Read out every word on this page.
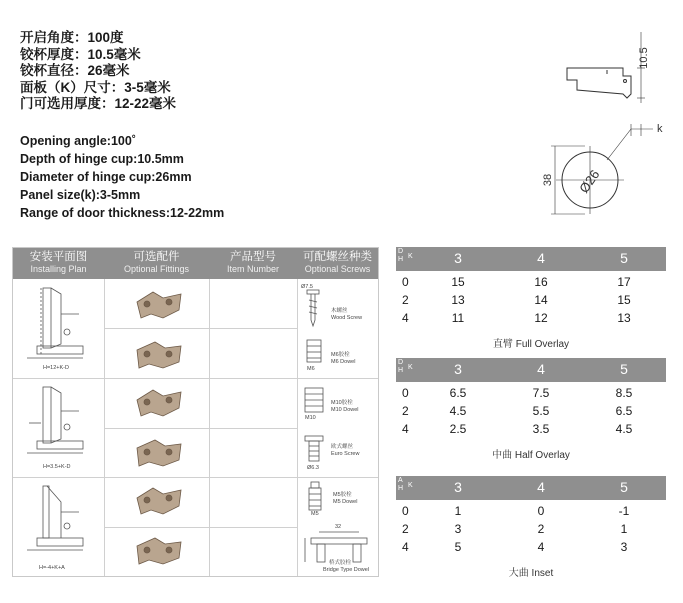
开启角度：100度
铰杯厚度：10.5毫米
铰杯直径：26毫米
面板（K）尺寸：3-5毫米
门可选用厚度：12-22毫米
Opening angle:100˚
Depth of hinge cup:10.5mm
Diameter of hinge cup:26mm
Panel size(k):3-5mm
Range of door thickness:12-22mm
10.5
38 Ø26
k
安装平面图
Installing Plan
可选配件
Optional Fittings
产品型号
Item Number
可配螺丝种类
Optional Screws
H=12+K-D
H=3.5+K-D
H=-4+K+A
Ø7.5
木螺丝
Wood Screw
M6胶栓
M6 Dowel
M6
M10胶栓
M10 Dowel
M10
欧式螺丝
Euro Screw
Ø6.3
M5胶栓
M5 Dowel
M5
32
桥式胶栓
Bridge Type Dowel
D
H K	3	4	5
0	15	16	17
2	13	14	15
4	11	12	13
直臂 Full Overlay
D
H K	3	4	5
0	6.5	7.5	8.5
2	4.5	5.5	6.5
4	2.5	3.5	4.5
中曲 Half Overlay
A
H K	3	4	5
0	1	0	-1
2	3	2	1
4	5	4	3
大曲 Inset
